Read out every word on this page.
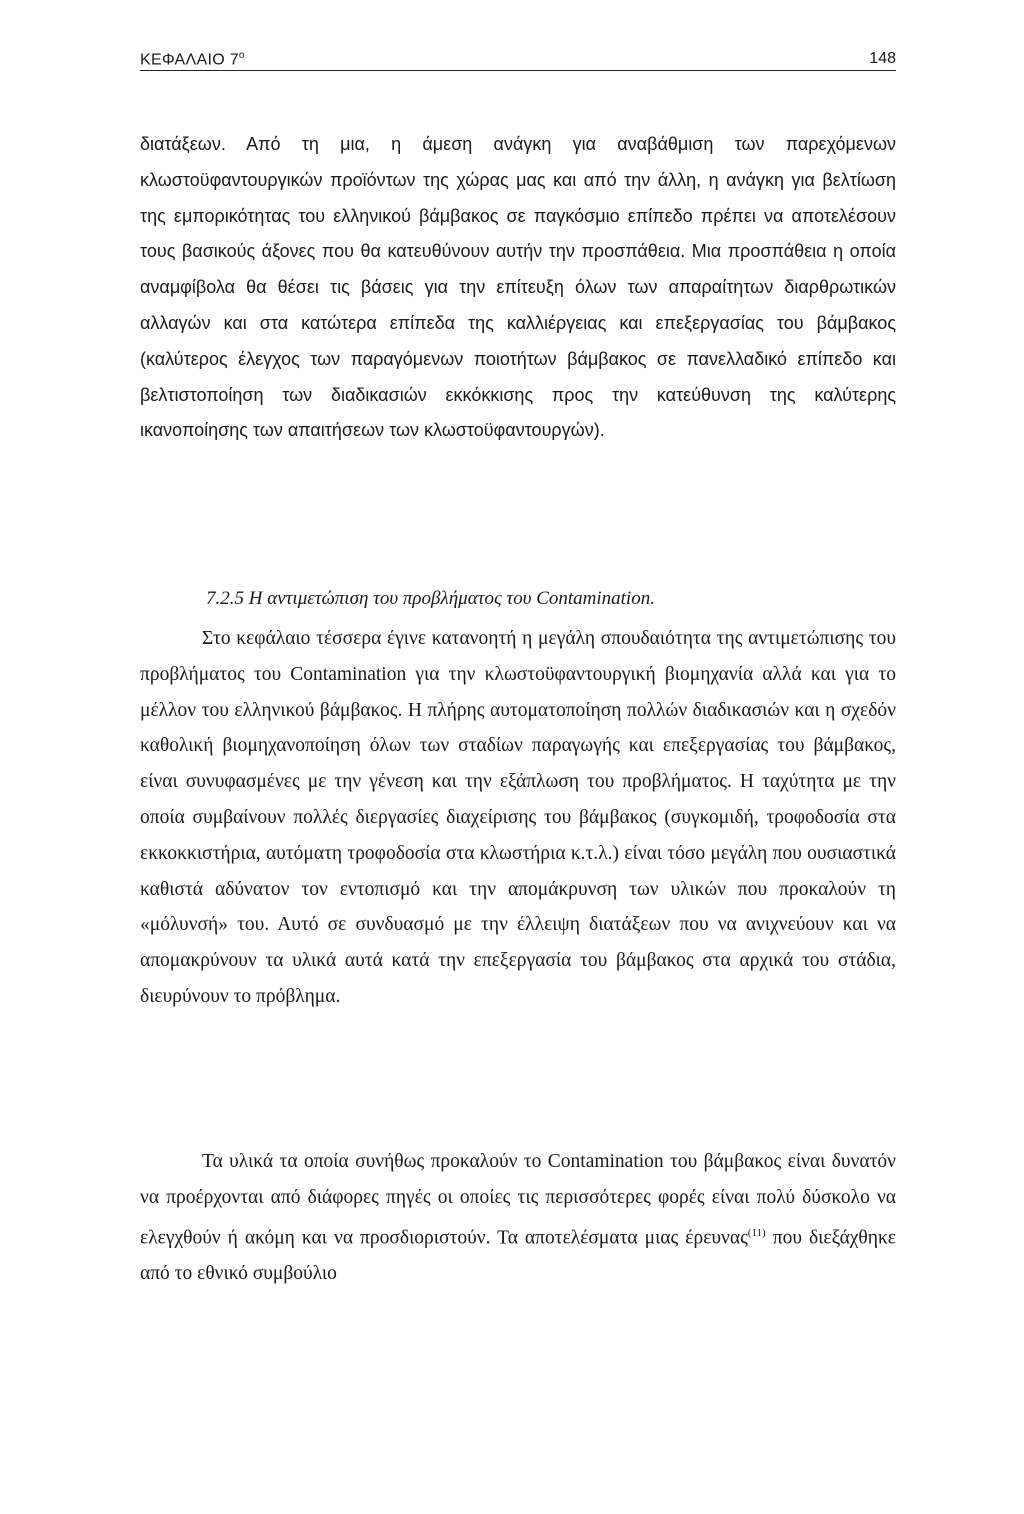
ΚΕΦΑΛΑΙΟ $7^o$	148

διατάξεων. Από τη μια, η άμεση ανάγκη για αναβάθμιση των παρεχόμενων κλωστοϋφαντουργικών προϊόντων της χώρας μας και από την άλλη, η ανάγκη για βελτίωση της εμπορικότητας του ελληνικού βάμβακος σε παγκόσμιο επίπεδο πρέπει να αποτελέσουν τους βασικούς άξονες που θα κατευθύνουν αυτήν την προσπάθεια. Μια προσπάθεια η οποία αναμφίβολα θα θέσει τις βάσεις για την επίτευξη όλων των απαραίτητων διαρθρωτικών αλλαγών και στα κατώτερα επίπεδα της καλλιέργειας και επεξεργασίας του βάμβακος (καλύτερος έλεγχος των παραγόμενων ποιοτήτων βάμβακος σε πανελλαδικό επίπεδο και βελτιστοποίηση των διαδικασιών εκκόκκισης προς την κατεύθυνση της καλύτερης ικανοποίησης των απαιτήσεων των κλωστοϋφαντουργών).

7.2.5 Η αντιμετώπιση του προβλήματος του Contamination.

Στο κεφάλαιο τέσσερα έγινε κατανοητή η μεγάλη σπουδαιότητα της αντιμετώπισης του προβλήματος του Contamination για την κλωστοϋφαντουργική βιομηχανία αλλά και για το μέλλον του ελληνικού βάμβακος. Η πλήρης αυτοματοποίηση πολλών διαδικασιών και η σχεδόν καθολική βιομηχανοποίηση όλων των σταδίων παραγωγής και επεξεργασίας του βάμβακος, είναι συνυφασμένες με την γένεση και την εξάπλωση του προβλήματος. Η ταχύτητα με την οποία συμβαίνουν πολλές διεργασίες διαχείρισης του βάμβακος (συγκομιδή, τροφοδοσία στα εκκοκκιστήρια, αυτόματη τροφοδοσία στα κλωστήρια κ.τ.λ.) είναι τόσο μεγάλη που ουσιαστικά καθιστά αδύνατον τον εντοπισμό και την απομάκρυνση των υλικών που προκαλούν τη «μόλυνσή» του. Αυτό σε συνδυασμό με την έλλειψη διατάξεων που να ανιχνεύουν και να απομακρύνουν τα υλικά αυτά κατά την επεξεργασία του βάμβακος στα αρχικά του στάδια, διευρύνουν το πρόβλημα.

Τα υλικά τα οποία συνήθως προκαλούν το Contamination του βάμβακος είναι δυνατόν να προέρχονται από διάφορες πηγές οι οποίες τις περισσότερες φορές είναι πολύ δύσκολο να ελεγχθούν ή ακόμη και να προσδιοριστούν. Τα αποτελέσματα μιας έρευνας$^{(11)}$ που διεξάχθηκε από το εθνικό συμβούλιο
